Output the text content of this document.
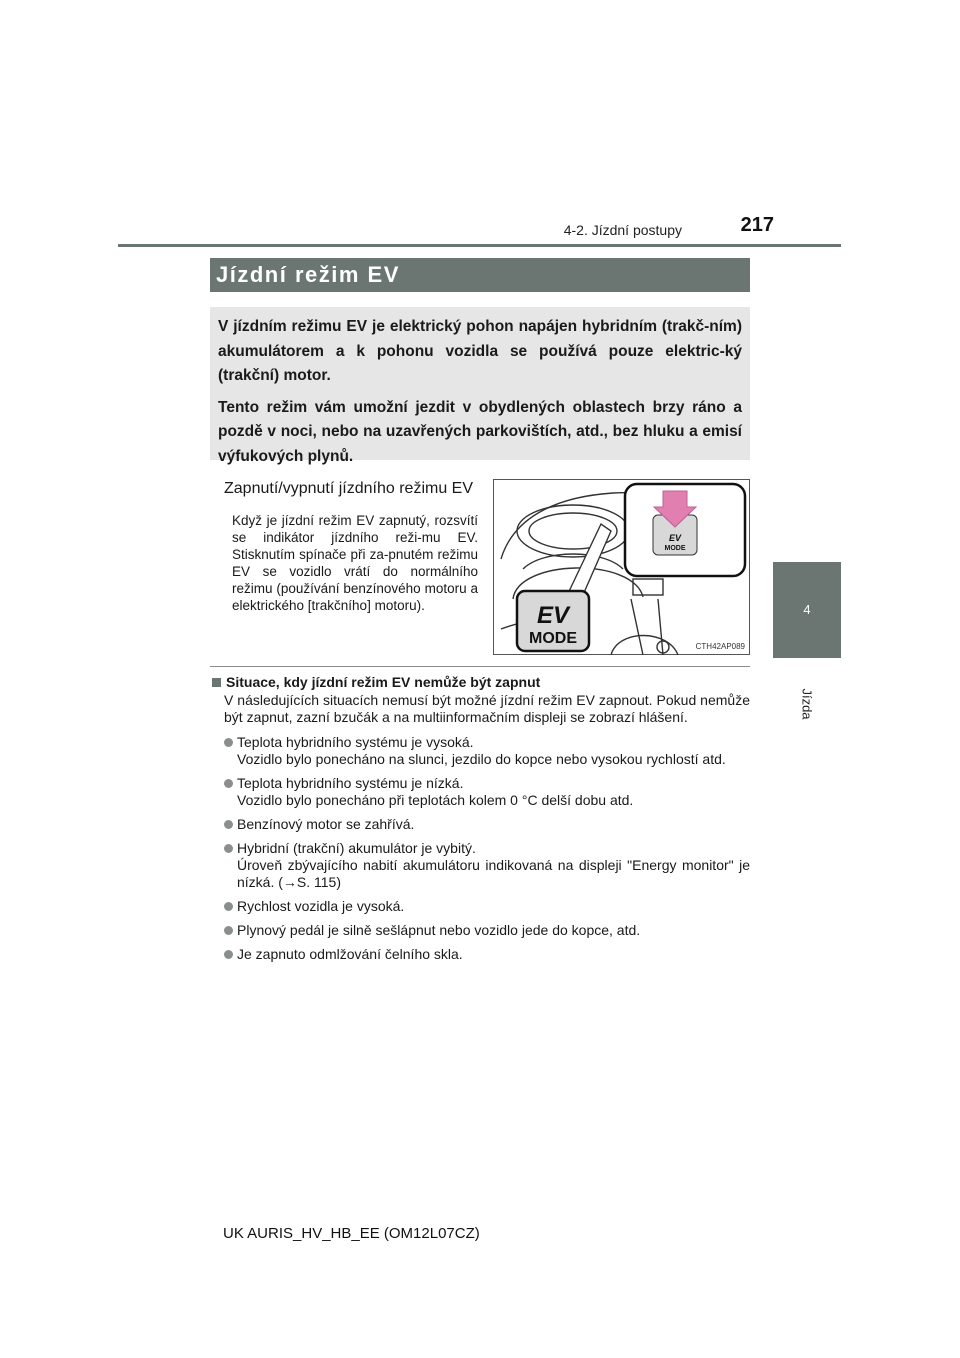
4-2. Jízdní postupy	217
4
Jízda
Jízdní režim EV

V jízdním režimu EV je elektrický pohon napájen hybridním (trakč-ním) akumulátorem a k pohonu vozidla se používá pouze elektric-ký (trakční) motor.

Tento režim vám umožní jezdit v obydlených oblastech brzy ráno a pozdě v noci, nebo na uzavřených parkovištích, atd., bez hluku a emisí výfukových plynů.

Zapnutí/vypnutí jízdního režimu EV

Když je jízdní režim EV zapnutý, rozsvítí se indikátor jízdního reži-mu EV. Stisknutím spínače při za-pnutém režimu EV se vozidlo vrátí do normálního režimu (používání benzínového motoru a elektrického [trakčního] motoru).
EV
MODE
EV
MODE	CTH42AP089
Situace, kdy jízdní režim EV nemůže být zapnut
V následujících situacích nemusí být možné jízdní režim EV zapnout. Pokud nemůže být zapnut, zazní bzučák a na multiinformačním displeji se zobrazí hlášení.
Teplota hybridního systému je vysoká.
Vozidlo bylo ponecháno na slunci, jezdilo do kopce nebo vysokou rychlostí atd.
Teplota hybridního systému je nízká.
Vozidlo bylo ponecháno při teplotách kolem 0 °C delší dobu atd.
Benzínový motor se zahřívá.
Hybridní (trakční) akumulátor je vybitý.
Úroveň zbývajícího nabití akumulátoru indikovaná na displeji "Energy monitor" je nízká. (→S. 115)
Rychlost vozidla je vysoká.
Plynový pedál je silně sešlápnut nebo vozidlo jede do kopce, atd.
Je zapnuto odmlžování čelního skla.
UK AURIS_HV_HB_EE (OM12L07CZ)
